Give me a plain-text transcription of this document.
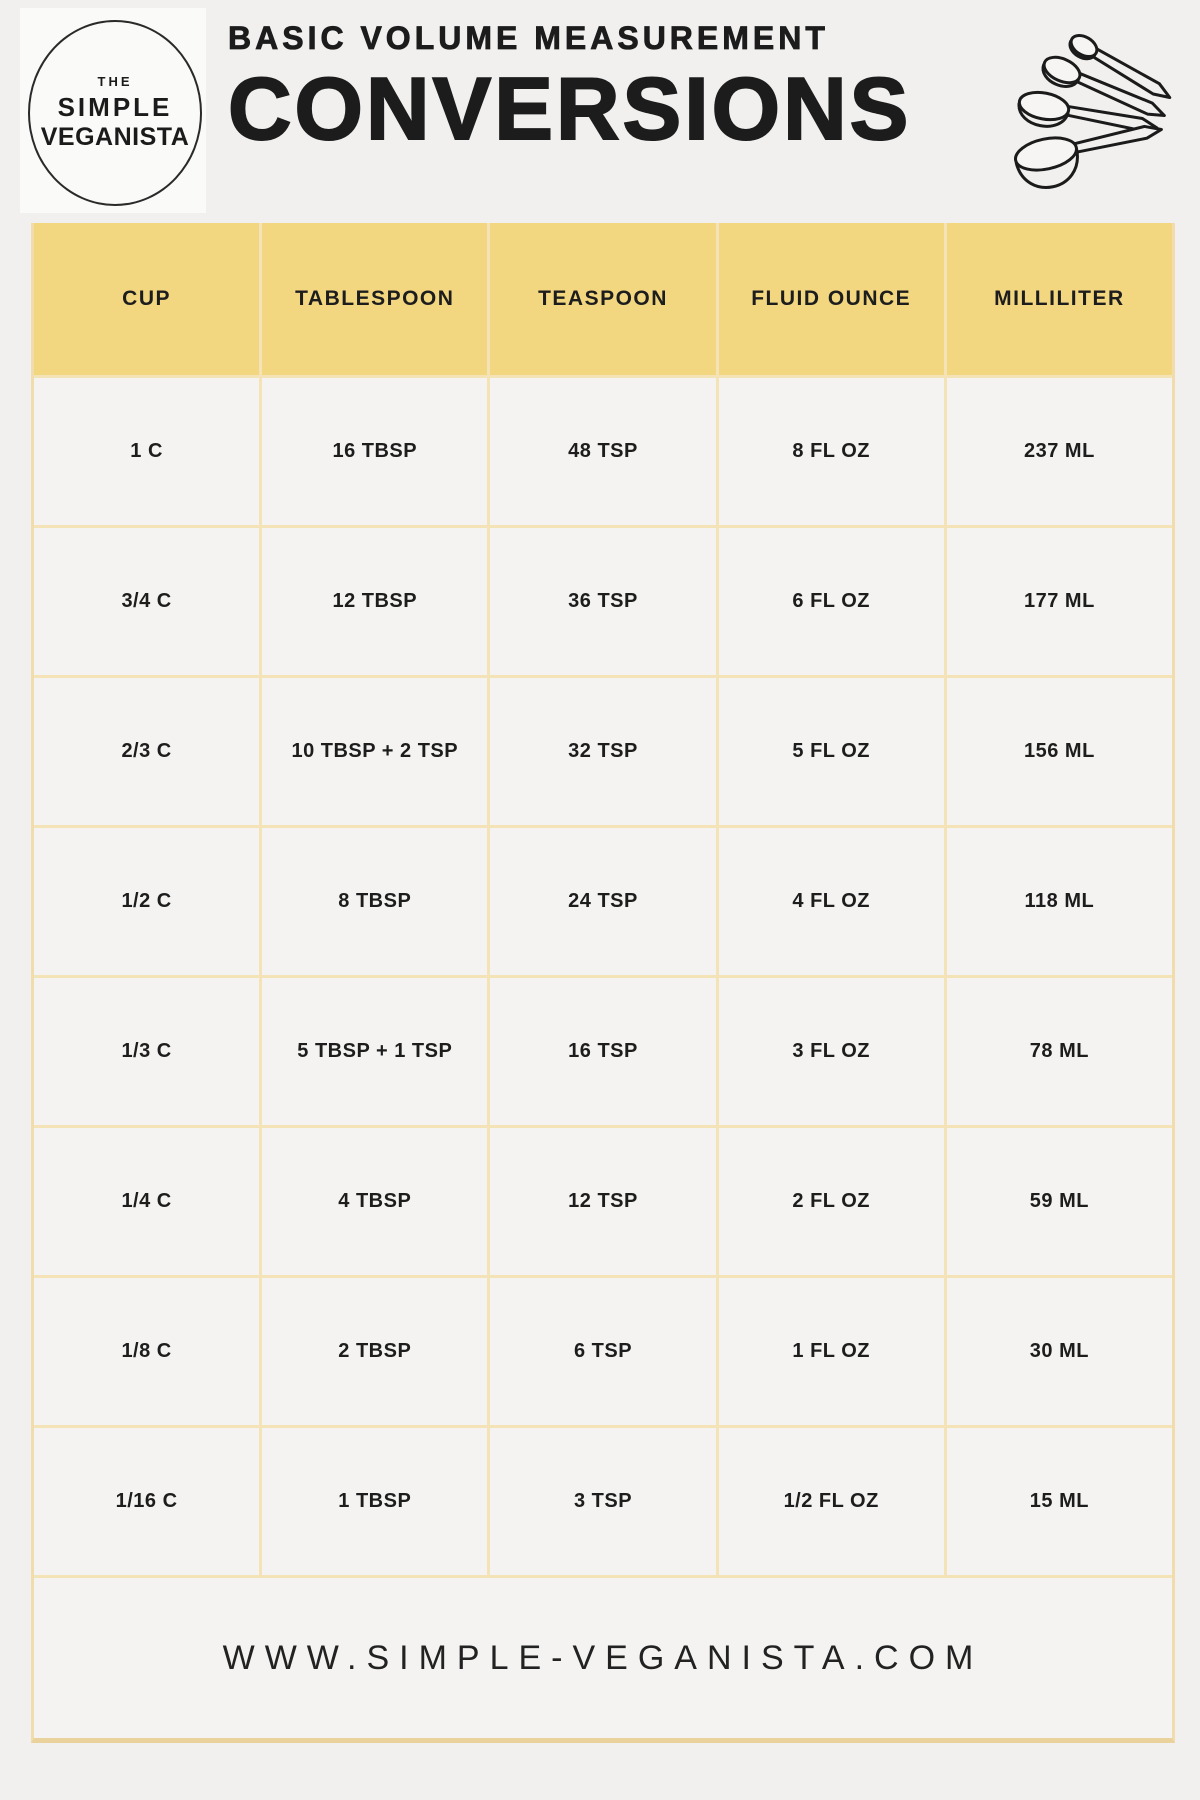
THE
SIMPLE
VEGANISTA
BASIC VOLUME MEASUREMENT
CONVERSIONS
CUP	TABLESPOON	TEASPOON	FLUID OUNCE	MILLILITER
1 C	16 TBSP	48 TSP	8 FL OZ	237 ML
3/4 C	12 TBSP	36 TSP	6 FL OZ	177 ML
2/3 C	10 TBSP + 2 TSP	32 TSP	5 FL OZ	156 ML
1/2 C	8 TBSP	24 TSP	4 FL OZ	118 ML
1/3 C	5 TBSP + 1 TSP	16 TSP	3 FL OZ	78 ML
1/4 C	4 TBSP	12 TSP	2 FL OZ	59 ML
1/8 C	2 TBSP	6 TSP	1 FL OZ	30 ML
1/16 C	1 TBSP	3 TSP	1/2 FL OZ	15 ML
WWW.SIMPLE-VEGANISTA.COM
